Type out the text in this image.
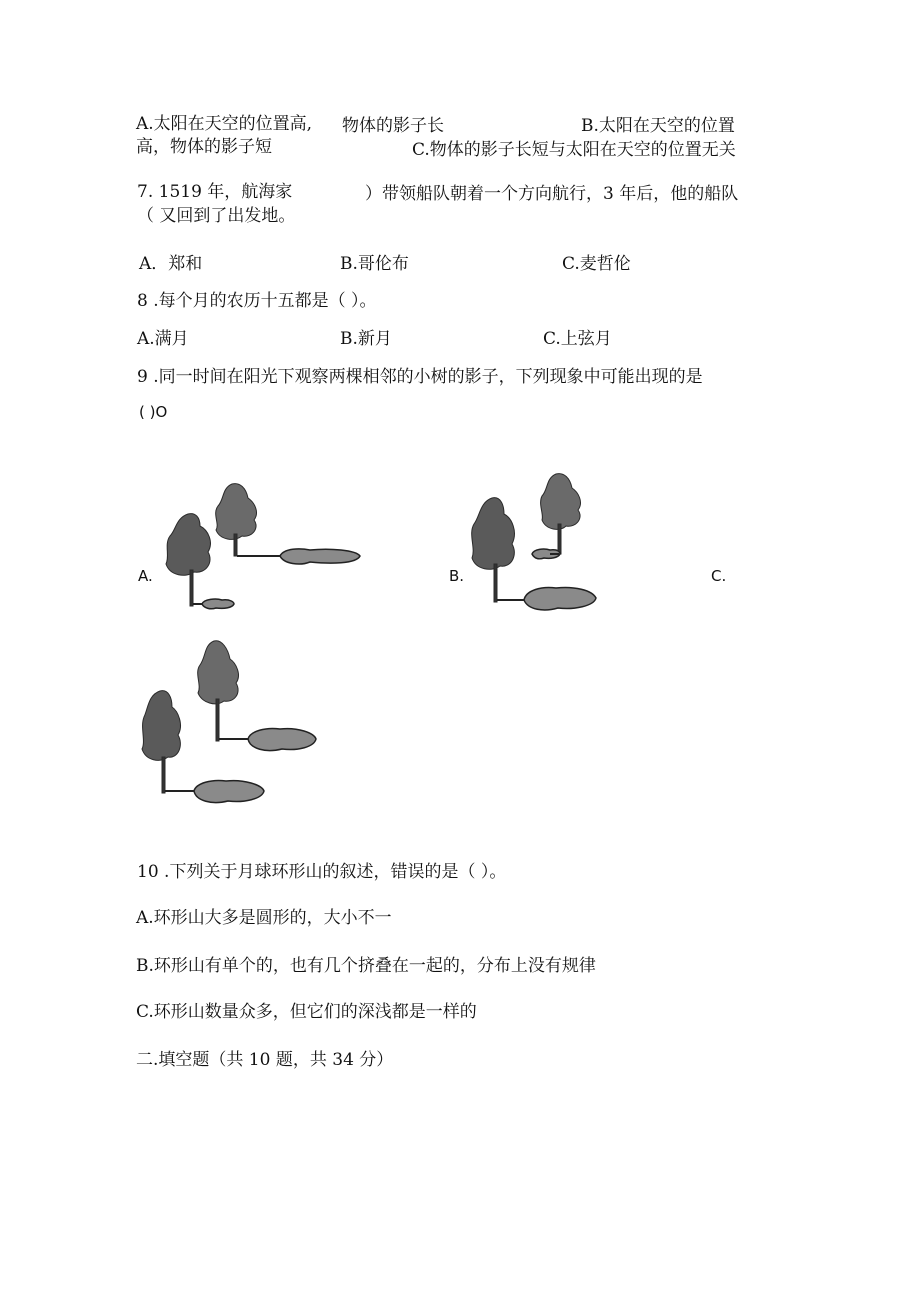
A.太阳在天空的位置高, 物体的影子长	B.太阳在天空的位置
高，物体的影子短	C.物体的影子长短与太阳在天空的位置无关
7. 1519 年，航海家	）带领船队朝着一个方向航行，3 年后，他的船队
（ 又回到了出发地。
A．郑和	B.哥伦布	C.麦哲伦
8 .每个月的农历十五都是（ ）。
A.满月	B.新月	C.上弦月
9 .同一时间在阳光下观察两棵相邻的小树的影子，下列现象中可能出现的是
( )O
A.	B.	C.
10 .下列关于月球环形山的叙述，错误的是（ ）。
A.环形山大多是圆形的，大小不一
B.环形山有单个的，也有几个挤叠在一起的，分布上没有规律
C.环形山数量众多，但它们的深浅都是一样的
二.填空题（共 10 题，共 34 分）
